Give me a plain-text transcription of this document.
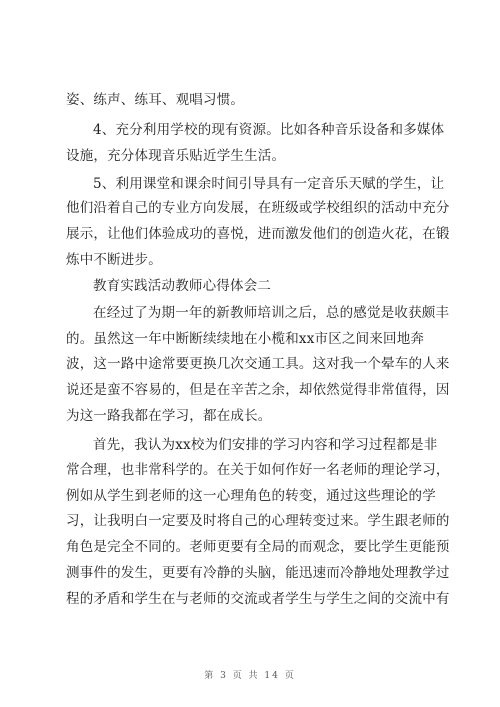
姿、练声、练耳、观唱习惯。
4、充分利用学校的现有资源。比如各种音乐设备和多媒体
设施，充分体现音乐贴近学生生活。
5、利用课堂和课余时间引导具有一定音乐天赋的学生，让
他们沿着自己的专业方向发展，在班级或学校组织的活动中充分
展示，让他们体验成功的喜悦，进而激发他们的创造火花，在锻
炼中不断进步。
教育实践活动教师心得体会二
在经过了为期一年的新教师培训之后，总的感觉是收获颇丰
的。虽然这一年中断断续续地在小榄和xx市区之间来回地奔
波，这一路中途常要更换几次交通工具。这对我一个晕车的人来
说还是蛮不容易的，但是在辛苦之余，却依然觉得非常值得，因
为这一路我都在学习，都在成长。
首先，我认为xx校为们安排的学习内容和学习过程都是非
常合理，也非常科学的。在关于如何作好一名老师的理论学习，
例如从学生到老师的这一心理角色的转变，通过这些理论的学
习，让我明白一定要及时将自己的心理转变过来。学生跟老师的
角色是完全不同的。老师更要有全局的而观念，要比学生更能预
测事件的发生，更要有冷静的头脑，能迅速而冷静地处理教学过
程的矛盾和学生在与老师的交流或者学生与学生之间的交流中有
第 3 页 共 14 页
